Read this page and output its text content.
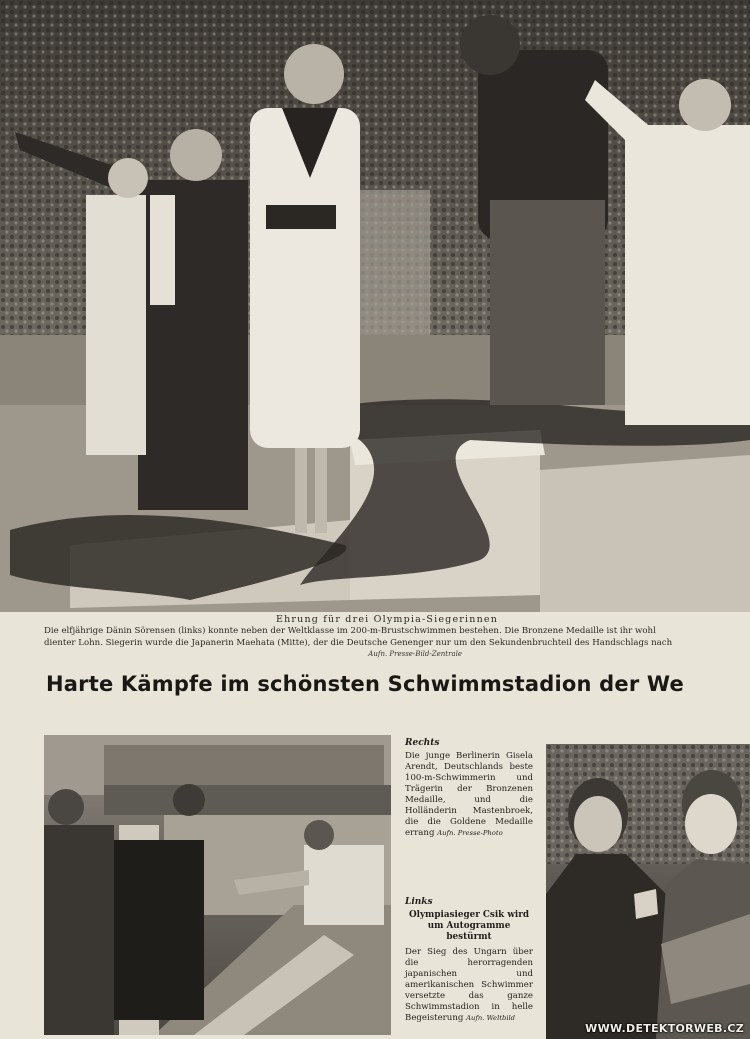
Ehrung für drei Olympia-Siegerinnen
Die elfjährige Dänin Sörensen (links) konnte neben der Weltklasse im 200-m-Brustschwimmen bestehen. Die Bronzene Medaille ist ihr wohl
dienter Lohn. Siegerin wurde die Japanerin Maehata (Mitte), der die Deutsche Genenger nur um den Sekundenbruchteil des Handschlags nach
Aufn. Presse-Bild-Zentrale
Harte Kämpfe im schönsten Schwimmstadion der We
Rechts
Die junge Berlinerin Gisela Arendt, Deutschlands beste 100-m-Schwimmerin und Trägerin der Bronzenen Medaille, und die Holländerin Mastenbroek, die die Goldene Medaille errang Aufn. Presse-Photo
Links
Olympiasieger Csik wird um Autogramme bestürmt
Der Sieg des Ungarn über die herorragenden japanischen und amerikanischen Schwimmer versetzte das ganze Schwimmstadion in helle Begeisterung Aufn. Weltbild
WWW.DETEKTORWEB.CZ
